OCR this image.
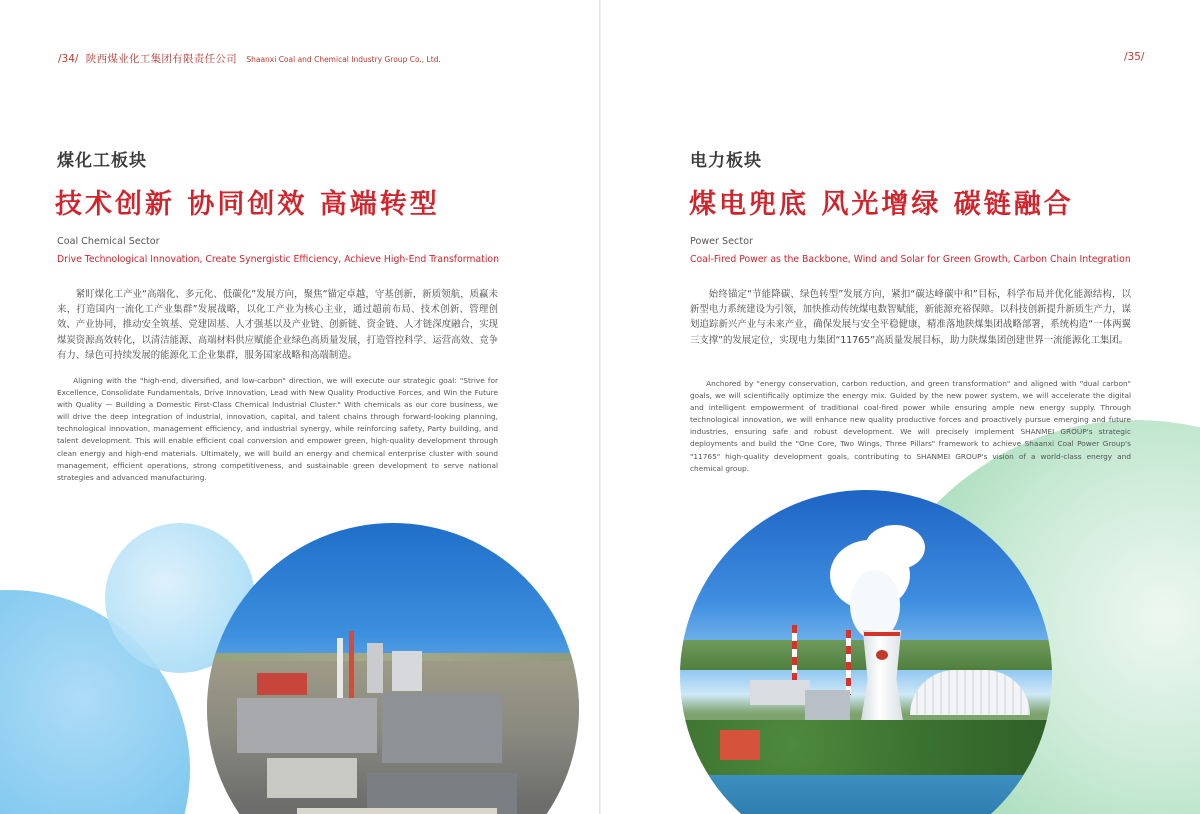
/34/ 陕西煤业化工集团有限责任公司 Shaanxi Coal and Chemical Industry Group Co., Ltd.
煤化工板块
技术创新 协同创效 高端转型
Coal Chemical Sector
Drive Technological Innovation, Create Synergistic Efficiency, Achieve High-End Transformation
紧盯煤化工产业“高端化、多元化、低碳化”发展方向，聚焦“锚定卓越，守基创新，新质领航，质赢未来，打造国内一流化工产业集群”发展战略，以化工产业为核心主业，通过超前布局、技术创新、管理创效、产业协同，推动安全筑基、党建固基、人才强基以及产业链、创新链、资金链、人才链深度融合，实现煤炭资源高效转化，以清洁能源、高端材料供应赋能企业绿色高质量发展，打造管控科学、运营高效、竞争有力、绿色可持续发展的能源化工企业集群，服务国家战略和高端制造。
Aligning with the "high-end, diversified, and low-carbon" direction, we will execute our strategic goal: "Strive for Excellence, Consolidate Fundamentals, Drive Innovation, Lead with New Quality Productive Forces, and Win the Future with Quality — Building a Domestic First-Class Chemical Industrial Cluster." With chemicals as our core business, we will drive the deep integration of industrial, innovation, capital, and talent chains through forward-looking planning, technological innovation, management efficiency, and industrial synergy, while reinforcing safety, Party building, and talent development. This will enable efficient coal conversion and empower green, high-quality development through clean energy and high-end materials. Ultimately, we will build an energy and chemical enterprise cluster with sound management, efficient operations, strong competitiveness, and sustainable green development to serve national strategies and advanced manufacturing.
/35/
电力板块
煤电兜底 风光增绿 碳链融合
Power Sector
Coal-Fired Power as the Backbone, Wind and Solar for Green Growth, Carbon Chain Integration
始终锚定“节能降碳、绿色转型”发展方向，紧扣“碳达峰碳中和”目标，科学布局并优化能源结构，以新型电力系统建设为引领，加快推动传统煤电数智赋能，新能源充裕保障。以科技创新提升新质生产力，谋划追踪新兴产业与未来产业，确保发展与安全平稳健康，精准落地陕煤集团战略部署，系统构造“一体两翼三支撑”的发展定位，实现电力集团“11765”高质量发展目标，助力陕煤集团创建世界一流能源化工集团。
Anchored by "energy conservation, carbon reduction, and green transformation" and aligned with "dual carbon" goals, we will scientifically optimize the energy mix. Guided by the new power system, we will accelerate the digital and intelligent empowerment of traditional coal-fired power while ensuring ample new energy supply. Through technological innovation, we will enhance new quality productive forces and proactively pursue emerging and future industries, ensuring safe and robust development. We will precisely implement SHANMEI GROUP's strategic deployments and build the "One Core, Two Wings, Three Pillars" framework to achieve Shaanxi Coal Power Group's "11765" high-quality development goals, contributing to SHANMEI GROUP's vision of a world-class energy and chemical group.
